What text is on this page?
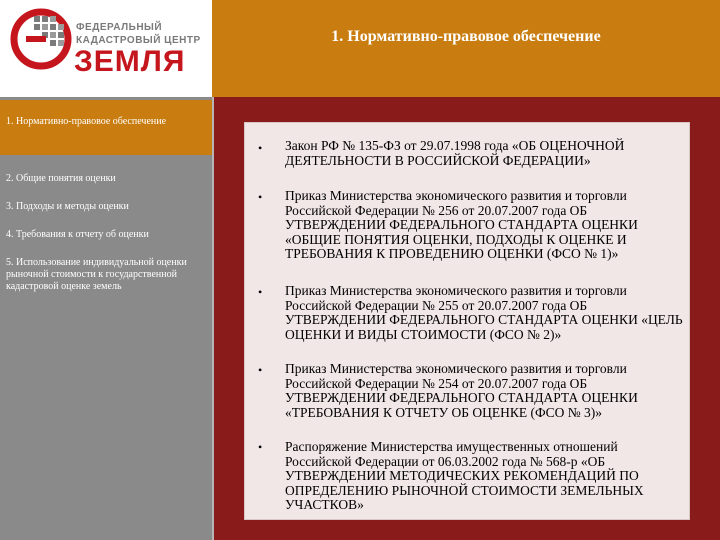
ФЕДЕРАЛЬНЫЙ
КАДАСТРОВЫЙ ЦЕНТР
ЗЕМЛЯ
1. Нормативно-правовое обеспечение
1. Нормативно-правовое обеспечение
2. Общие понятия оценки
3. Подходы и методы оценки
4. Требования к отчету об оценки
5. Использование индивидуальной оценки рыночной стоимости к государственной кадастровой оценке земель
• Закон РФ № 135-ФЗ от 29.07.1998 года «ОБ ОЦЕНОЧНОЙ ДЕЯТЕЛЬНОСТИ В РОССИЙСКОЙ ФЕДЕРАЦИИ»
• Приказ Министерства экономического развития и торговли Российской Федерации № 256 от 20.07.2007 года ОБ УТВЕРЖДЕНИИ ФЕДЕРАЛЬНОГО СТАНДАРТА ОЦЕНКИ «ОБЩИЕ ПОНЯТИЯ ОЦЕНКИ, ПОДХОДЫ К ОЦЕНКЕ И ТРЕБОВАНИЯ К ПРОВЕДЕНИЮ ОЦЕНКИ (ФСО № 1)»
• Приказ Министерства экономического развития и торговли Российской Федерации № 255 от 20.07.2007 года ОБ УТВЕРЖДЕНИИ ФЕДЕРАЛЬНОГО СТАНДАРТА ОЦЕНКИ «ЦЕЛЬ ОЦЕНКИ И ВИДЫ СТОИМОСТИ (ФСО № 2)»
• Приказ Министерства экономического развития и торговли Российской Федерации № 254 от 20.07.2007 года ОБ УТВЕРЖДЕНИИ ФЕДЕРАЛЬНОГО СТАНДАРТА ОЦЕНКИ «ТРЕБОВАНИЯ К ОТЧЕТУ ОБ ОЦЕНКЕ (ФСО № 3)»
• Распоряжение Министерства имущественных отношений Российской Федерации от 06.03.2002 года № 568-р «ОБ УТВЕРЖДЕНИИ МЕТОДИЧЕСКИХ РЕКОМЕНДАЦИЙ ПО ОПРЕДЕЛЕНИЮ РЫНОЧНОЙ СТОИМОСТИ ЗЕМЕЛЬНЫХ УЧАСТКОВ»
